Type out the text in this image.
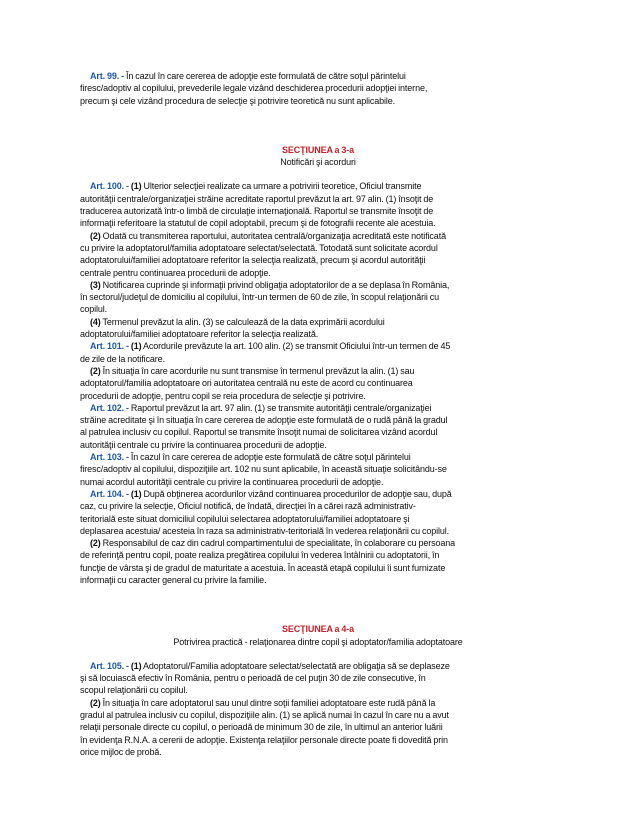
Art. 99. - În cazul în care cererea de adopţie este formulată de către soţul părintelui

firesc/adoptiv al copilului, prevederile legale vizând deschiderea procedurii adopţiei interne,

precum şi cele vizând procedura de selecţie şi potrivire teoretică nu sunt aplicabile.

SECŢIUNEA a 3-a

Notificări şi acorduri

Art. 100. - (1) Ulterior selecţiei realizate ca urmare a potrivirii teoretice, Oficiul transmite

autorităţii centrale/organizaţiei străine acreditate raportul prevăzut la art. 97 alin. (1) însoţit de

traducerea autorizată într-o limbă de circulaţie internaţională. Raportul se transmite însoţit de

informaţii referitoare la statutul de copil adoptabil, precum şi de fotografii recente ale acestuia.

(2) Odată cu transmiterea raportului, autoritatea centrală/organizaţia acreditată este notificată

cu privire la adoptatorul/familia adoptatoare selectat/selectată. Totodată sunt solicitate acordul

adoptatorului/familiei adoptatoare referitor la selecţia realizată, precum şi acordul autorităţii

centrale pentru continuarea procedurii de adopţie.

(3) Notificarea cuprinde şi informaţii privind obligaţia adoptatorilor de a se deplasa în România,

în sectorul/judeţul de domiciliu al copilului, într-un termen de 60 de zile, în scopul relaţionării cu

copilul.

(4) Termenul prevăzut la alin. (3) se calculează de la data exprimării acordului

adoptatorului/familiei adoptatoare referitor la selecţia realizată.

Art. 101. - (1) Acordurile prevăzute la art. 100 alin. (2) se transmit Oficiului într-un termen de 45

de zile de la notificare.

(2) În situaţia în care acordurile nu sunt transmise în termenul prevăzut la alin. (1) sau

adoptatorul/familia adoptatoare ori autoritatea centrală nu este de acord cu continuarea

procedurii de adopţie, pentru copil se reia procedura de selecţie şi potrivire.

Art. 102. - Raportul prevăzut la art. 97 alin. (1) se transmite autorităţii centrale/organizaţiei

străine acreditate şi în situaţia în care cererea de adopţie este formulată de o rudă până la gradul

al patrulea inclusiv cu copilul. Raportul se transmite însoţit numai de solicitarea vizând acordul

autorităţii centrale cu privire la continuarea procedurii de adopţie.

Art. 103. - În cazul în care cererea de adopţie este formulată de către soţul părintelui

firesc/adoptiv al copilului, dispoziţiile art. 102 nu sunt aplicabile, în această situaţie solicitându-se

numai acordul autorităţii centrale cu privire la continuarea procedurii de adopţie.

Art. 104. - (1) După obţinerea acordurilor vizând continuarea procedurilor de adopţie sau, după

caz, cu privire la selecţie, Oficiul notifică, de îndată, direcţiei în a cărei rază administrativ-

teritorială este situat domiciliul copilului selectarea adoptatorului/familiei adoptatoare şi

deplasarea acestuia/ acesteia în raza sa administrativ-teritorială în vederea relaţionării cu copilul.

(2) Responsabilul de caz din cadrul compartimentului de specialitate, în colaborare cu persoana

de referinţă pentru copil, poate realiza pregătirea copilului în vederea întâlnirii cu adoptatorii, în

funcţie de vârsta şi de gradul de maturitate a acestuia. În această etapă copilului îi sunt furnizate

informaţii cu caracter general cu privire la familie.

SECŢIUNEA a 4-a

Potrivirea practică - relaţionarea dintre copil şi adoptator/familia adoptatoare

Art. 105. - (1) Adoptatorul/Familia adoptatoare selectat/selectată are obligaţia să se deplaseze

şi să locuiască efectiv în România, pentru o perioadă de cel puţin 30 de zile consecutive, în

scopul relaţionării cu copilul.

(2) În situaţia în care adoptatorul sau unul dintre soţii familiei adoptatoare este rudă până la

gradul al patrulea inclusiv cu copilul, dispoziţiile alin. (1) se aplică numai în cazul în care nu a avut

relaţii personale directe cu copilul, o perioadă de minimum 30 de zile, în ultimul an anterior luării

în evidenţa R.N.A. a cererii de adopţie. Existenţa relaţiilor personale directe poate fi dovedită prin

orice mijloc de probă.
